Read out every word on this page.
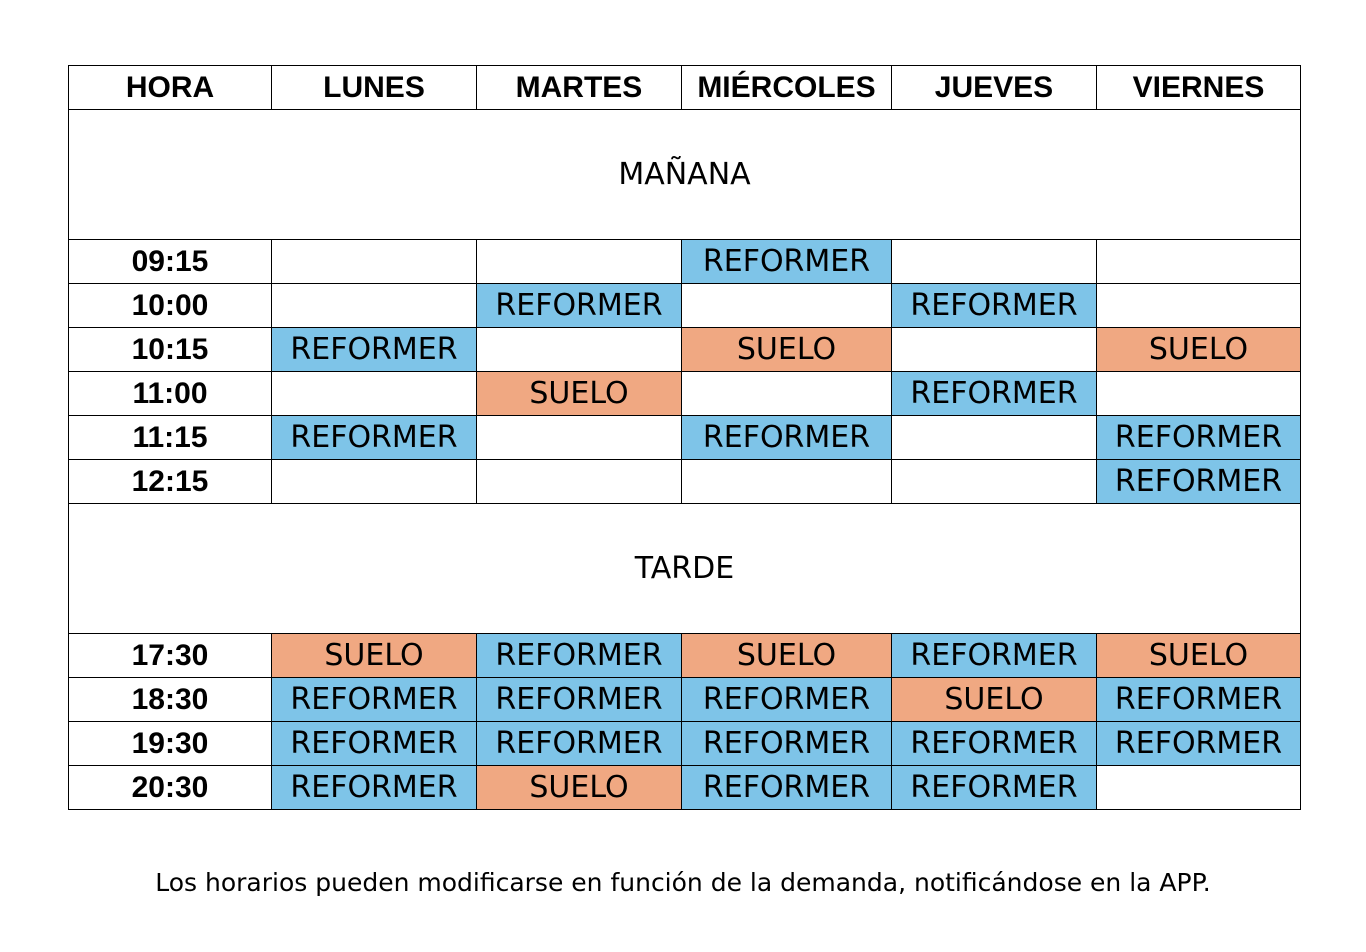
HORA	LUNES	MARTES	MIÉRCOLES	JUEVES	VIERNES
MAÑANA					
09:15			REFORMER		
10:00		REFORMER		REFORMER	
10:15	REFORMER		SUELO		SUELO
11:00		SUELO		REFORMER	
11:15	REFORMER		REFORMER		REFORMER
12:15					REFORMER
TARDE					
17:30	SUELO	REFORMER	SUELO	REFORMER	SUELO
18:30	REFORMER	REFORMER	REFORMER	SUELO	REFORMER
19:30	REFORMER	REFORMER	REFORMER	REFORMER	REFORMER
20:30	REFORMER	SUELO	REFORMER	REFORMER	

Los horarios pueden modificarse en función de la demanda, notificándose en la APP.
